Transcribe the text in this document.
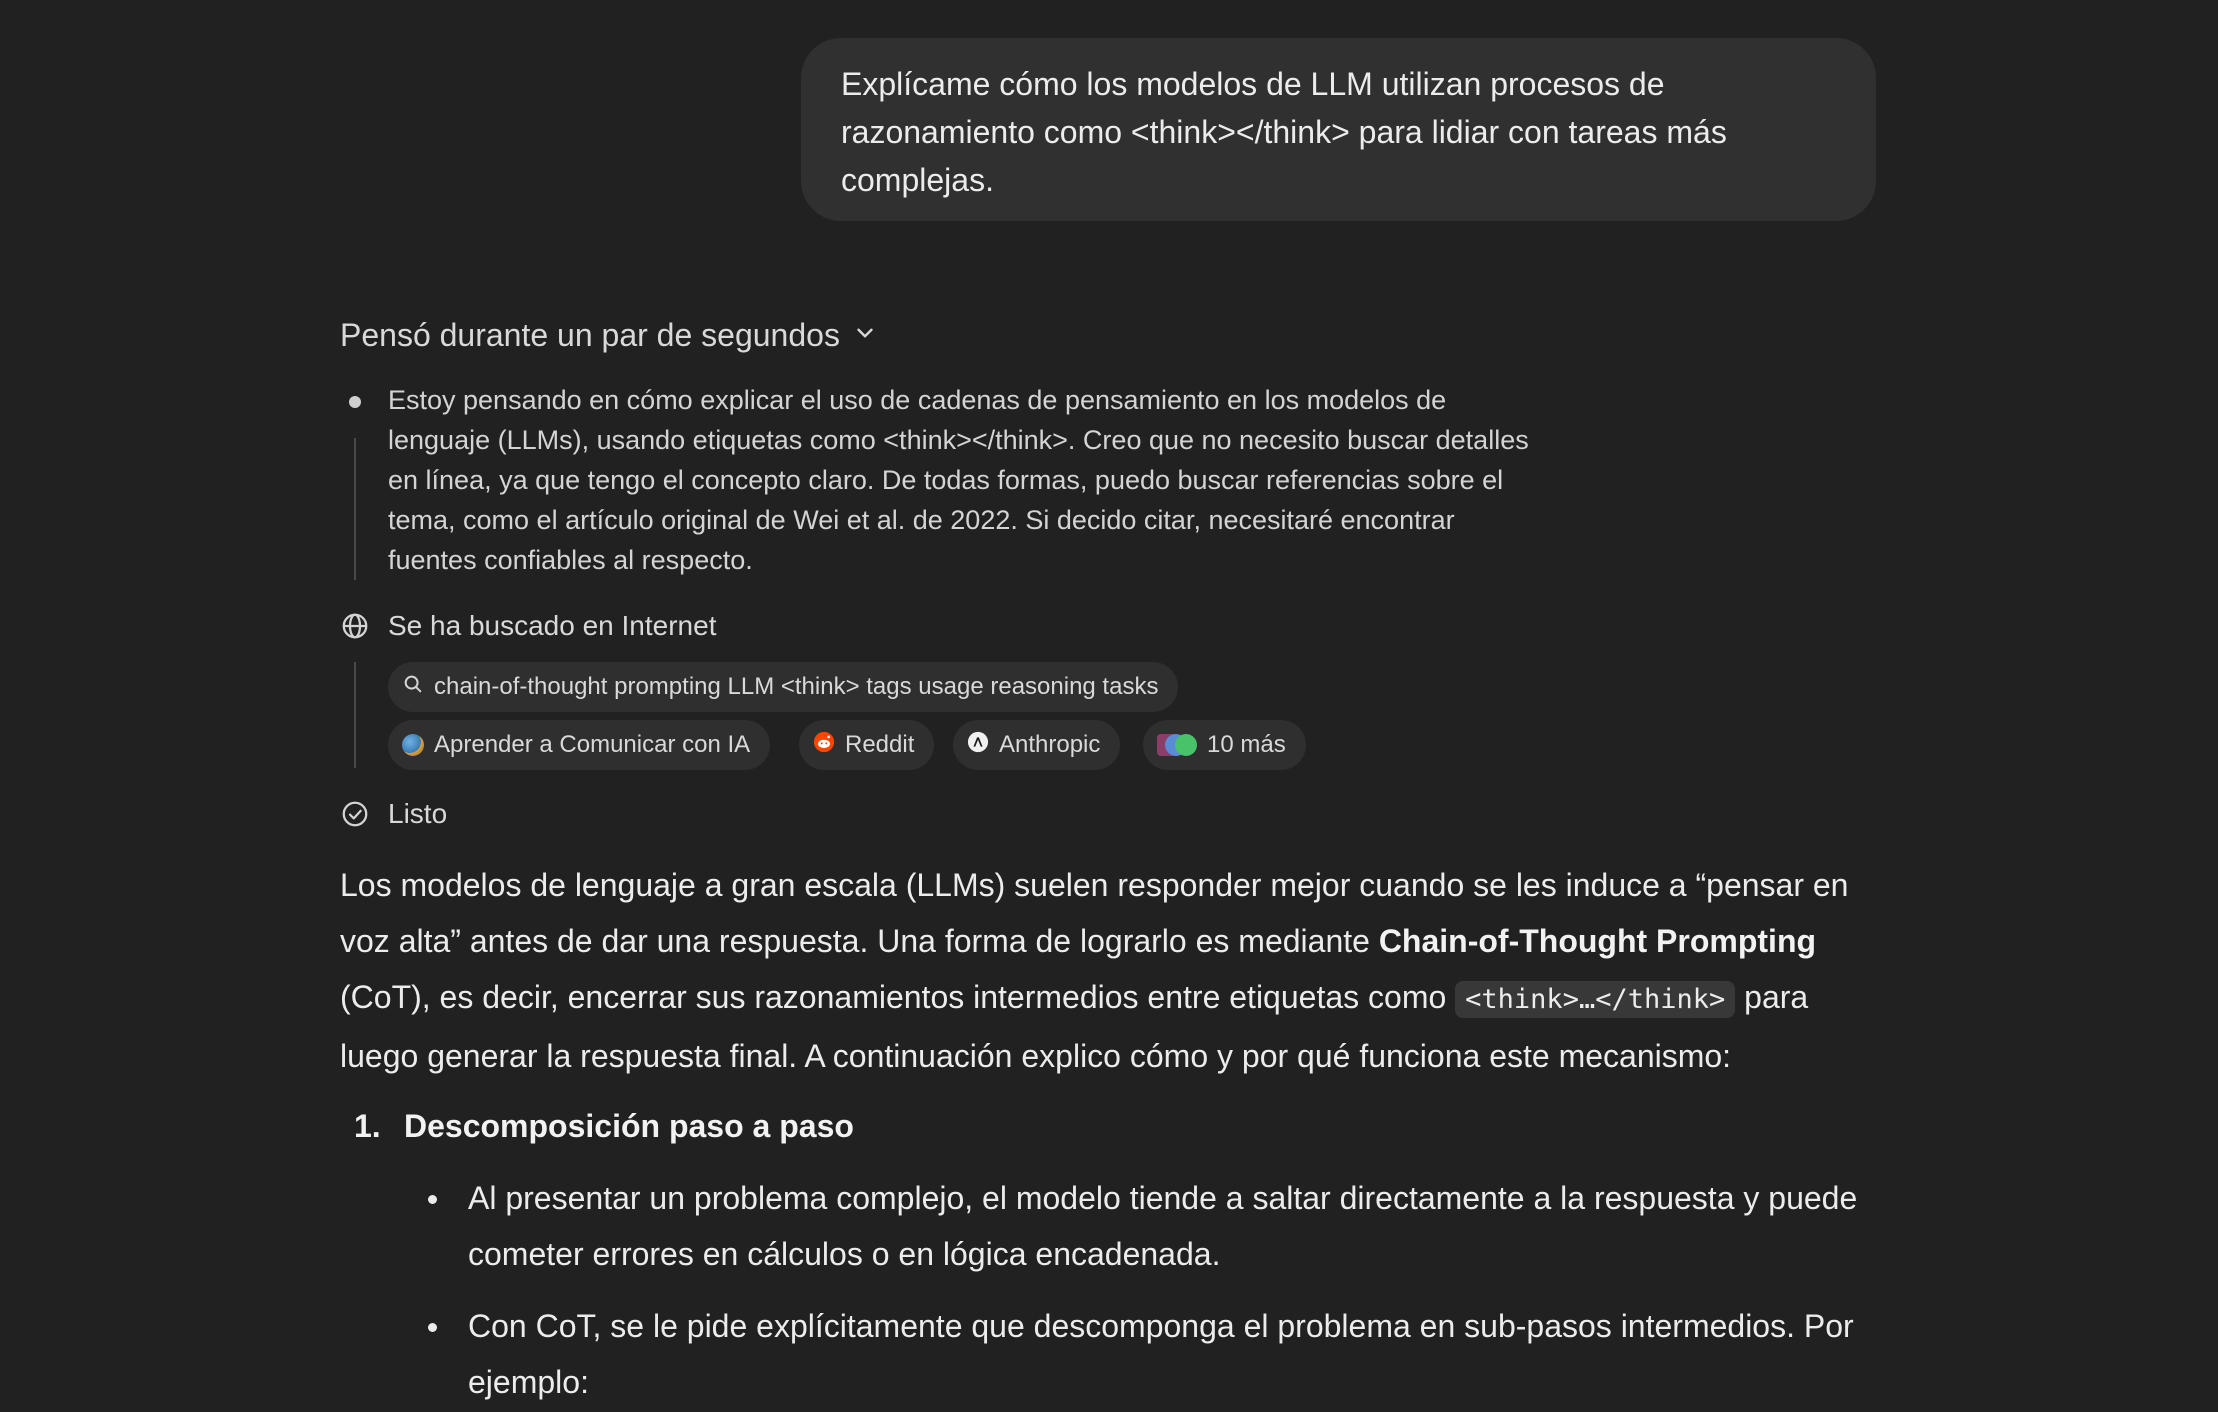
Explícame cómo los modelos de LLM utilizan procesos de razonamiento como <think></think> para lidiar con tareas más complejas.
Pensó durante un par de segundos
Estoy pensando en cómo explicar el uso de cadenas de pensamiento en los modelos de lenguaje (LLMs), usando etiquetas como <think></think>. Creo que no necesito buscar detalles en línea, ya que tengo el concepto claro. De todas formas, puedo buscar referencias sobre el tema, como el artículo original de Wei et al. de 2022. Si decido citar, necesitaré encontrar fuentes confiables al respecto.
Se ha buscado en Internet
chain-of-thought prompting LLM <think> tags usage reasoning tasks
Aprender a Comunicar con IA	Reddit	Anthropic	10 más
Listo
Los modelos de lenguaje a gran escala (LLMs) suelen responder mejor cuando se les induce a “pensar en voz alta” antes de dar una respuesta. Una forma de lograrlo es mediante Chain-of-Thought Prompting (CoT), es decir, encerrar sus razonamientos intermedios entre etiquetas como <think>…</think> para luego generar la respuesta final. A continuación explico cómo y por qué funciona este mecanismo:
1. Descomposición paso a paso
Al presentar un problema complejo, el modelo tiende a saltar directamente a la respuesta y puede cometer errores en cálculos o en lógica encadenada.
Con CoT, se le pide explícitamente que descomponga el problema en sub-pasos intermedios. Por ejemplo:
